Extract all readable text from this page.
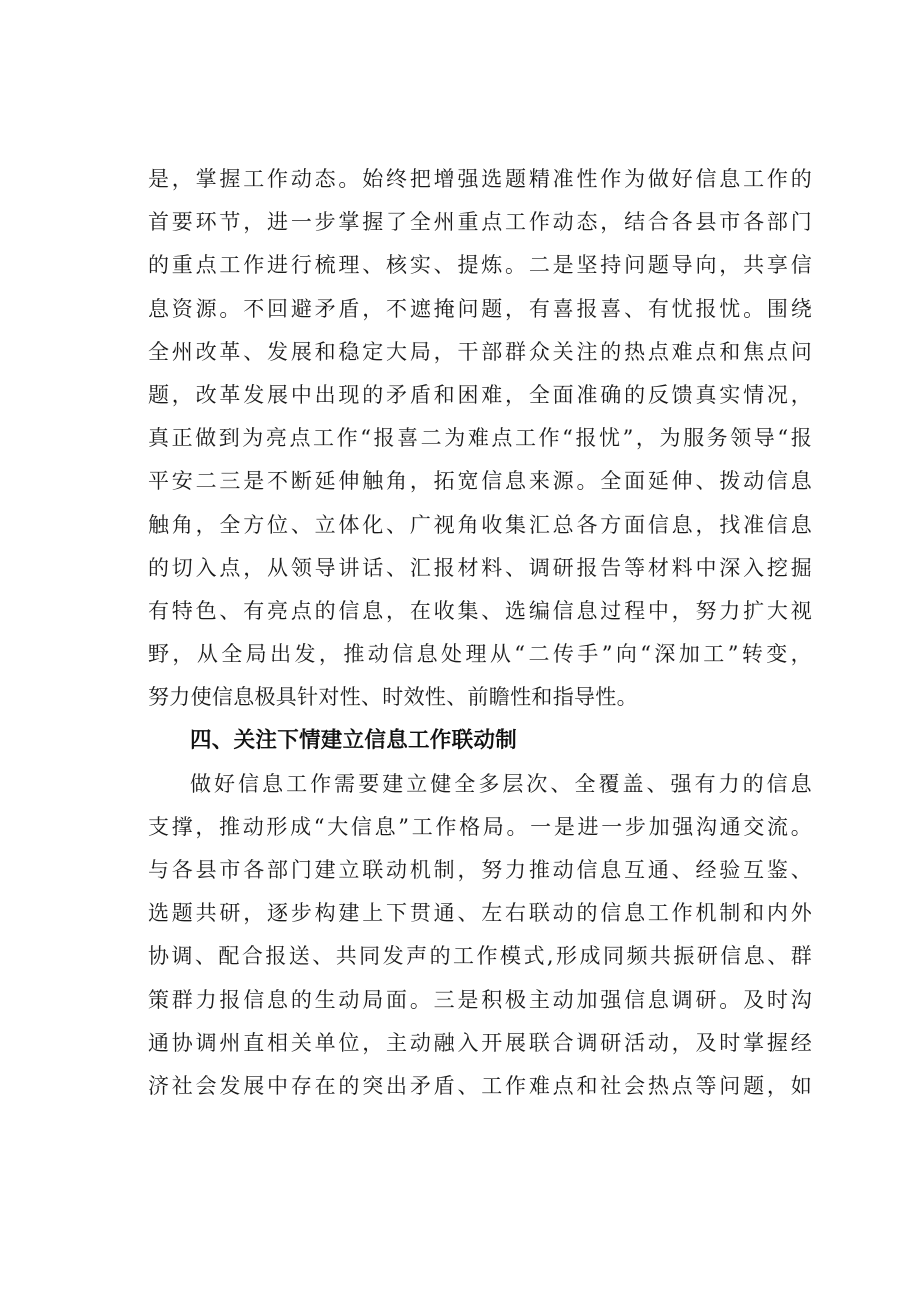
是，掌握工作动态。始终把增强选题精准性作为做好信息工作的
首要环节，进一步掌握了全州重点工作动态，结合各县市各部门
的重点工作进行梳理、核实、提炼。二是坚持问题导向，共享信
息资源。不回避矛盾，不遮掩问题，有喜报喜、有忧报忧。围绕
全州改革、发展和稳定大局，干部群众关注的热点难点和焦点问
题，改革发展中出现的矛盾和困难，全面准确的反馈真实情况，
真正做到为亮点工作“报喜二为难点工作“报忧”，为服务领导“报
平安二三是不断延伸触角，拓宽信息来源。全面延伸、拨动信息
触角，全方位、立体化、广视角收集汇总各方面信息，找准信息
的切入点，从领导讲话、汇报材料、调研报告等材料中深入挖掘
有特色、有亮点的信息，在收集、选编信息过程中，努力扩大视
野，从全局出发，推动信息处理从“二传手”向“深加工”转变，
努力使信息极具针对性、时效性、前瞻性和指导性。
四、关注下情建立信息工作联动制
做好信息工作需要建立健全多层次、全覆盖、强有力的信息
支撑，推动形成“大信息”工作格局。一是进一步加强沟通交流。
与各县市各部门建立联动机制，努力推动信息互通、经验互鉴、
选题共研，逐步构建上下贯通、左右联动的信息工作机制和内外
协调、配合报送、共同发声的工作模式,形成同频共振研信息、群
策群力报信息的生动局面。三是积极主动加强信息调研。及时沟
通协调州直相关单位，主动融入开展联合调研活动，及时掌握经
济社会发展中存在的突出矛盾、工作难点和社会热点等问题，如
